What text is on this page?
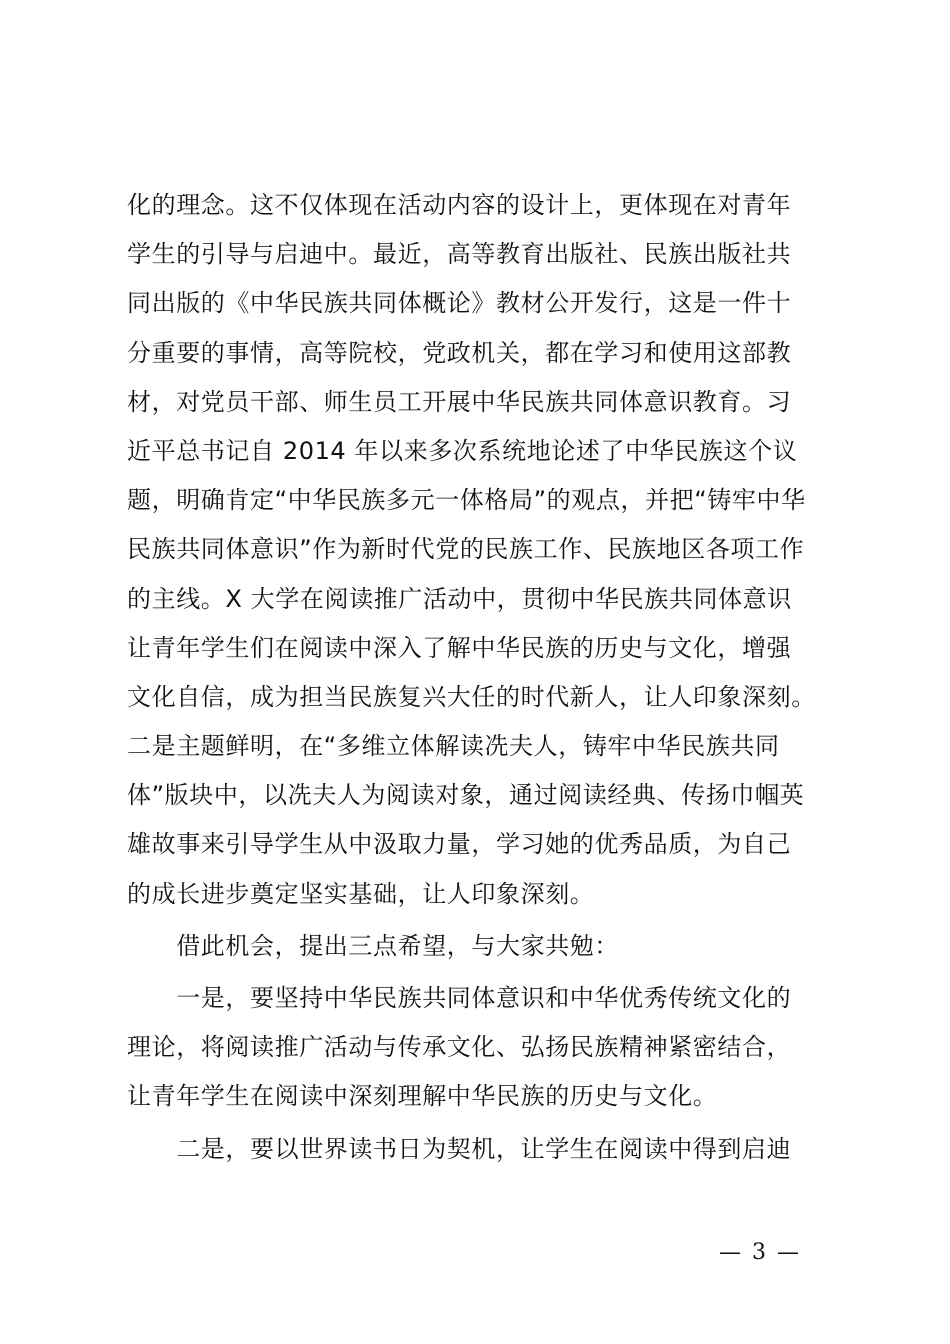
化的理念。这不仅体现在活动内容的设计上，更体现在对青年
学生的引导与启迪中。最近，高等教育出版社、民族出版社共
同出版的《中华民族共同体概论》教材公开发行，这是一件十
分重要的事情，高等院校，党政机关，都在学习和使用这部教
材，对党员干部、师生员工开展中华民族共同体意识教育。习
近平总书记自 2014 年以来多次系统地论述了中华民族这个议
题，明确肯定“中华民族多元一体格局”的观点，并把“铸牢中华
民族共同体意识”作为新时代党的民族工作、民族地区各项工作
的主线。X 大学在阅读推广活动中，贯彻中华民族共同体意识
让青年学生们在阅读中深入了解中华民族的历史与文化，增强
文化自信，成为担当民族复兴大任的时代新人，让人印象深刻。
二是主题鲜明，在“多维立体解读冼夫人，铸牢中华民族共同
体”版块中，以冼夫人为阅读对象，通过阅读经典、传扬巾帼英
雄故事来引导学生从中汲取力量，学习她的优秀品质，为自己
的成长进步奠定坚实基础，让人印象深刻。
　　借此机会，提出三点希望，与大家共勉：
　　一是，要坚持中华民族共同体意识和中华优秀传统文化的
理论，将阅读推广活动与传承文化、弘扬民族精神紧密结合，
让青年学生在阅读中深刻理解中华民族的历史与文化。
　　二是，要以世界读书日为契机，让学生在阅读中得到启迪
— 3 —
